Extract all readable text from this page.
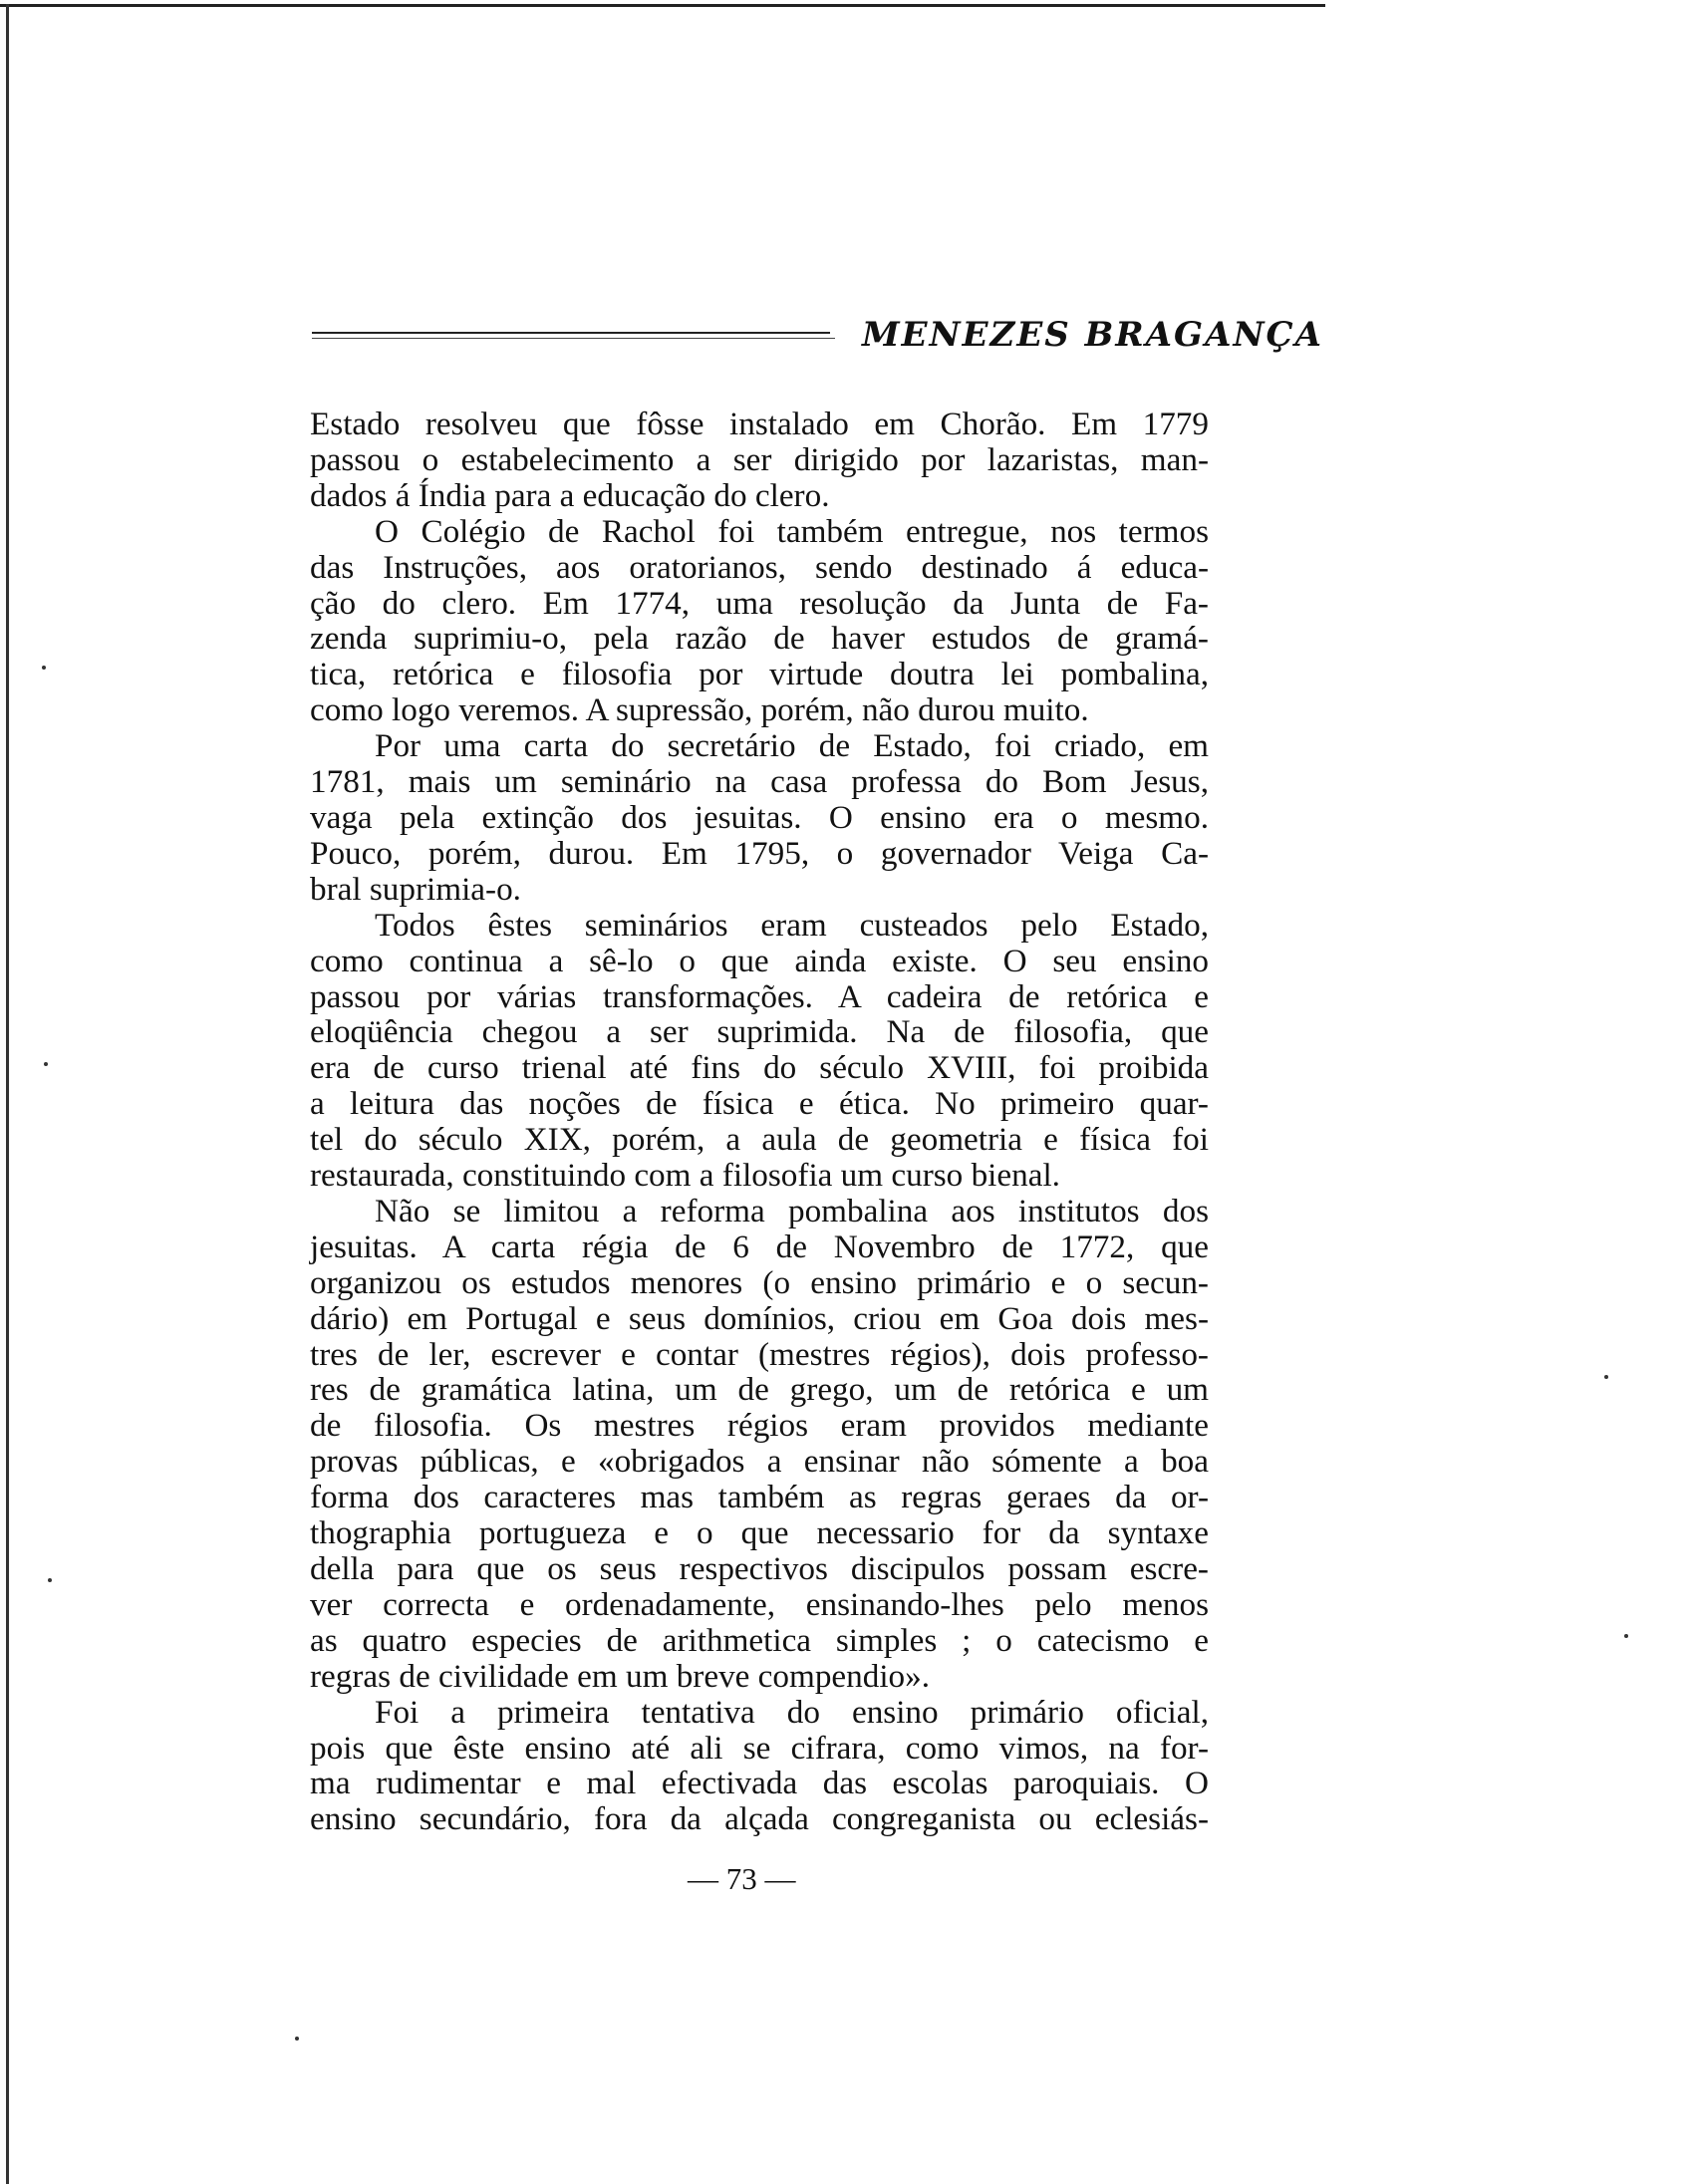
MENEZES BRAGANÇA

Estado resolveu que fôsse instalado em Chorão. Em 1779
passou o estabelecimento a ser dirigido por lazaristas, man-
dados á Índia para a educação do clero.

O Colégio de Rachol foi também entregue, nos termos
das Instruções, aos oratorianos, sendo destinado á educa-
ção do clero. Em 1774, uma resolução da Junta de Fa-
zenda suprimiu-o, pela razão de haver estudos de gramá-
tica, retórica e filosofia por virtude doutra lei pombalina,
como logo veremos. A supressão, porém, não durou muito.

Por uma carta do secretário de Estado, foi criado, em
1781, mais um seminário na casa professa do Bom Jesus,
vaga pela extinção dos jesuitas. O ensino era o mesmo.
Pouco, porém, durou. Em 1795, o governador Veiga Ca-
bral suprimia-o.

Todos êstes seminários eram custeados pelo Estado,
como continua a sê-lo o que ainda existe. O seu ensino
passou por várias transformações. A cadeira de retórica e
eloqüência chegou a ser suprimida. Na de filosofia, que
era de curso trienal até fins do século XVIII, foi proibida
a leitura das noções de física e ética. No primeiro quar-
tel do século XIX, porém, a aula de geometria e física foi
restaurada, constituindo com a filosofia um curso bienal.

Não se limitou a reforma pombalina aos institutos dos
jesuitas. A carta régia de 6 de Novembro de 1772, que
organizou os estudos menores (o ensino primário e o secun-
dário) em Portugal e seus domínios, criou em Goa dois mes-
tres de ler, escrever e contar (mestres régios), dois professo-
res de gramática latina, um de grego, um de retórica e um
de filosofia. Os mestres régios eram providos mediante
provas públicas, e «obrigados a ensinar não sómente a boa
forma dos caracteres mas também as regras geraes da or-
thographia portugueza e o que necessario for da syntaxe
della para que os seus respectivos discipulos possam escre-
ver correcta e ordenadamente, ensinando-lhes pelo menos
as quatro especies de arithmetica simples ; o catecismo e
regras de civilidade em um breve compendio».

Foi a primeira tentativa do ensino primário oficial,
pois que êste ensino até ali se cifrara, como vimos, na for-
ma rudimentar e mal efectivada das escolas paroquiais. O
ensino secundário, fora da alçada congreganista ou eclesiás-

— 73 —
